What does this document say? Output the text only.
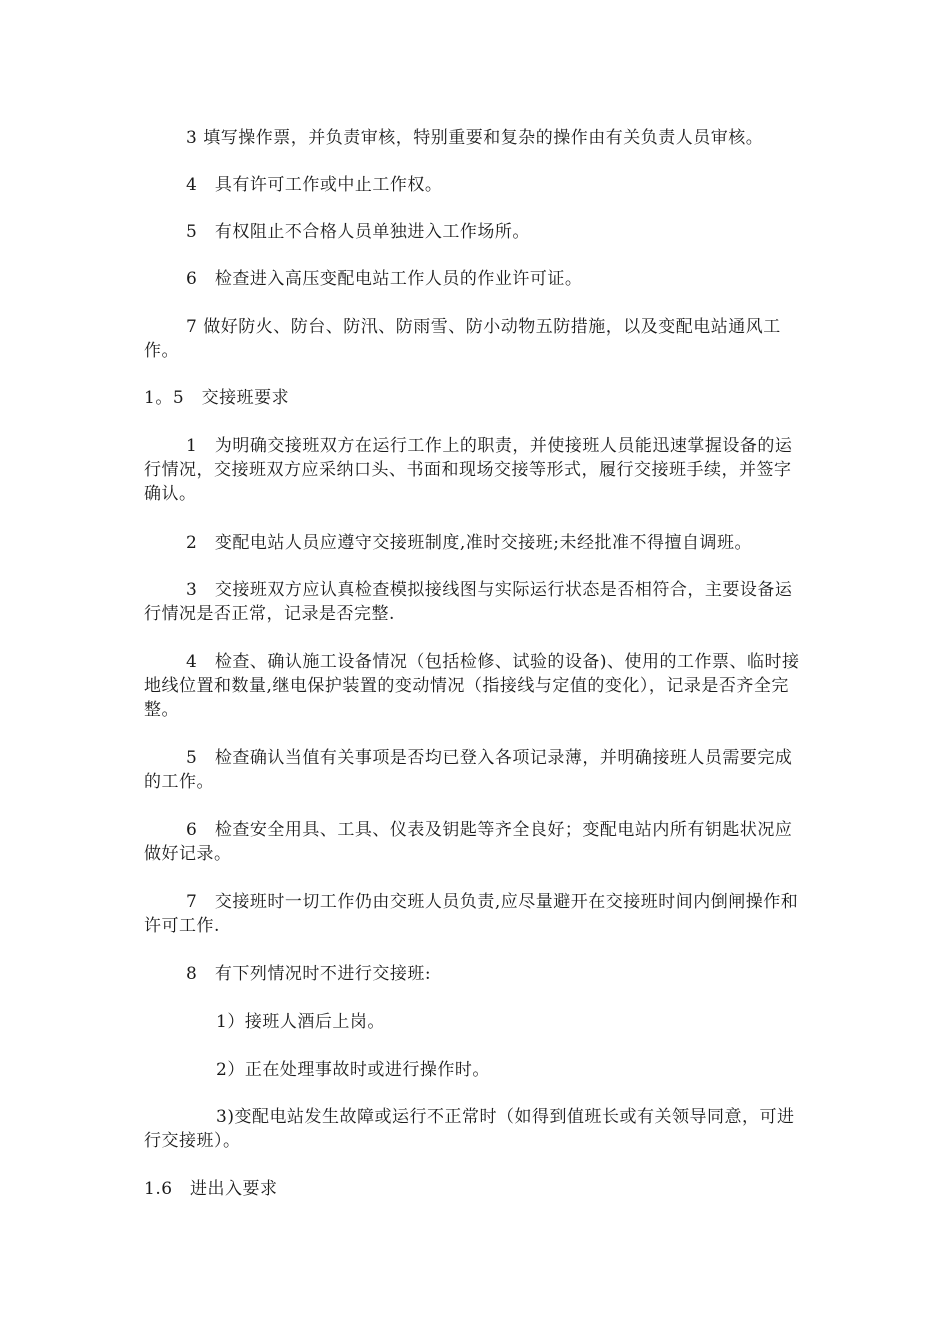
3 填写操作票，并负责审核，特别重要和复杂的操作由有关负责人员审核。

4　具有许可工作或中止工作权。

5　有权阻止不合格人员单独进入工作场所。

6　检查进入高压变配电站工作人员的作业许可证。

7 做好防火、防台、防汛、防雨雪、防小动物五防措施，以及变配电站通风工作。

1。5　交接班要求

1　为明确交接班双方在运行工作上的职责，并使接班人员能迅速掌握设备的运行情况，交接班双方应采纳口头、书面和现场交接等形式，履行交接班手续，并签字确认。

2　变配电站人员应遵守交接班制度,准时交接班;未经批准不得擅自调班。

3　交接班双方应认真检查模拟接线图与实际运行状态是否相符合，主要设备运行情况是否正常，记录是否完整.

4　检查、确认施工设备情况（包括检修、试验的设备)、使用的工作票、临时接地线位置和数量,继电保护装置的变动情况（指接线与定值的变化），记录是否齐全完整。

5　检查确认当值有关事项是否均已登入各项记录薄，并明确接班人员需要完成的工作。

6　检查安全用具、工具、仪表及钥匙等齐全良好；变配电站内所有钥匙状况应做好记录。

7　交接班时一切工作仍由交班人员负责,应尽量避开在交接班时间内倒闸操作和许可工作.

8　有下列情况时不进行交接班:

1）接班人酒后上岗。

2）正在处理事故时或进行操作时。

3)变配电站发生故障或运行不正常时（如得到值班长或有关领导同意，可进行交接班）。

1.6　进出入要求
